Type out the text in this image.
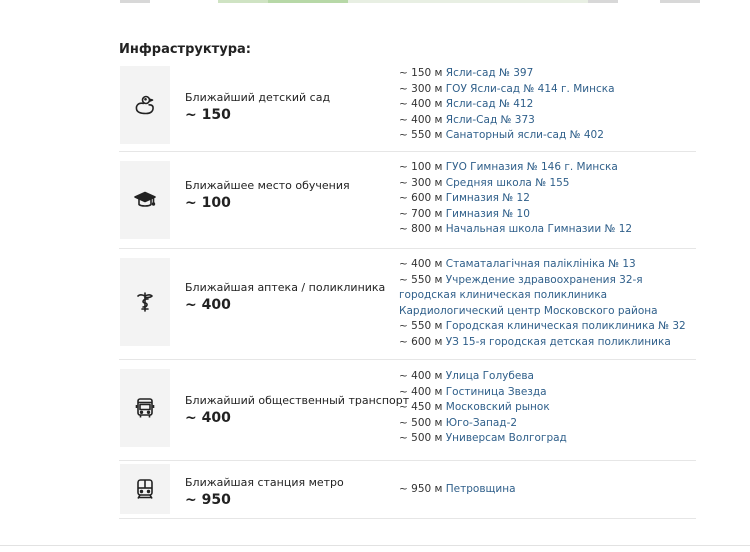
Инфраструктура:
Ближайший детский сад
~ 150
~ 150 м Ясли-сад № 397
~ 300 м ГОУ Ясли-сад № 414 г. Минска
~ 400 м Ясли-сад № 412
~ 400 м Ясли-Сад № 373
~ 550 м Санаторный ясли-сад № 402
Ближайшее место обучения
~ 100
~ 100 м ГУО Гимназия № 146 г. Минска
~ 300 м Средняя школа № 155
~ 600 м Гимназия № 12
~ 700 м Гимназия № 10
~ 800 м Начальная школа Гимназии № 12
Ближайшая аптека / поликлиника
~ 400
~ 400 м Стаматалагічная паліклініка № 13
~ 550 м Учреждение здравоохранения 32-я городская клиническая поликлиника Кардиологический центр Московского района
~ 550 м Городская клиническая поликлиника № 32
~ 600 м УЗ 15-я городская детская поликлиника
Ближайший общественный транспорт
~ 400
~ 400 м Улица Голубева
~ 400 м Гостиница Звезда
~ 450 м Московский рынок
~ 500 м Юго-Запад-2
~ 500 м Универсам Волгоград
Ближайшая станция метро
~ 950
~ 950 м Петровщина
